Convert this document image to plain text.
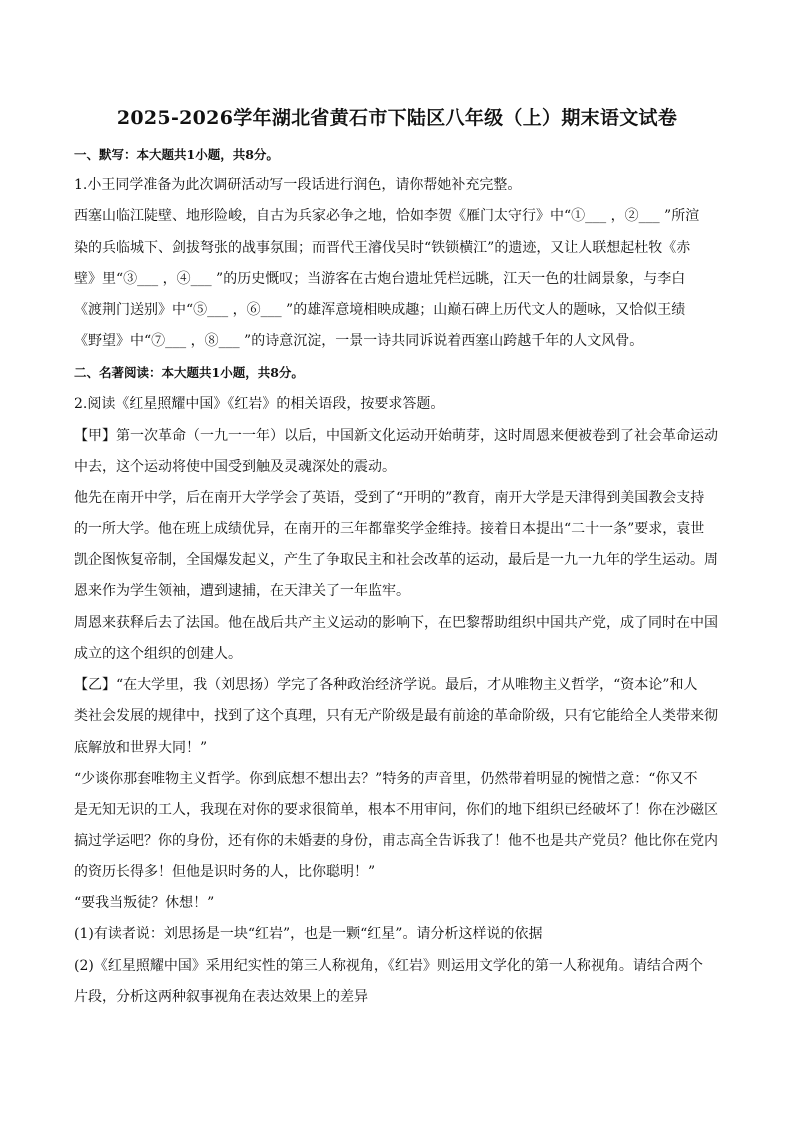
2025-2026学年湖北省黄石市下陆区八年级（上）期末语文试卷
一、默写：本大题共1小题，共8分。
1.小王同学准备为此次调研活动写一段话进行润色，请你帮她补充完整。
西塞山临江陡壁、地形险峻，自古为兵家必争之地，恰如李贺《雁门太守行》中“①___ ，②___ ”所渲
染的兵临城下、剑拔弩张的战事氛围；而晋代王濬伐吴时“铁锁横江”的遗迹，又让人联想起杜牧《赤
壁》里“③___ ，④___ ”的历史慨叹；当游客在古炮台遗址凭栏远眺，江天一色的壮阔景象，与李白
《渡荆门送别》中“⑤___ ，⑥___ ”的雄浑意境相映成趣；山巅石碑上历代文人的题咏，又恰似王绩
《野望》中“⑦___ ，⑧___ ”的诗意沉淀，一景一诗共同诉说着西塞山跨越千年的人文风骨。
二、名著阅读：本大题共1小题，共8分。
2.阅读《红星照耀中国》《红岩》的相关语段，按要求答题。
【甲】第一次革命（一九一一年）以后，中国新文化运动开始萌芽，这时周恩来便被卷到了社会革命运动
中去，这个运动将使中国受到触及灵魂深处的震动。
他先在南开中学，后在南开大学学会了英语，受到了“开明的”教育，南开大学是天津得到美国教会支持
的一所大学。他在班上成绩优异，在南开的三年都靠奖学金维持。接着日本提出“二十一条”要求，袁世
凯企图恢复帝制，全国爆发起义，产生了争取民主和社会改革的运动，最后是一九一九年的学生运动。周
恩来作为学生领袖，遭到逮捕，在天津关了一年监牢。
周恩来获释后去了法国。他在战后共产主义运动的影响下，在巴黎帮助组织中国共产党，成了同时在中国
成立的这个组织的创建人。
【乙】“在大学里，我（刘思扬）学完了各种政治经济学说。最后，才从唯物主义哲学，“资本论”和人
类社会发展的规律中，找到了这个真理，只有无产阶级是最有前途的革命阶级，只有它能给全人类带来彻
底解放和世界大同！”
“少谈你那套唯物主义哲学。你到底想不想出去？”特务的声音里，仍然带着明显的惋惜之意：“你又不
是无知无识的工人，我现在对你的要求很简单，根本不用审问，你们的地下组织已经破坏了！你在沙磁区
搞过学运吧？你的身份，还有你的未婚妻的身份，甫志高全告诉我了！他不也是共产党员？他比你在党内
的资历长得多！但他是识时务的人，比你聪明！”
“要我当叛徒？休想！”
(1)有读者说：刘思扬是一块“红岩”，也是一颗“红星”。请分析这样说的依据
(2)《红星照耀中国》采用纪实性的第三人称视角，《红岩》则运用文学化的第一人称视角。请结合两个
片段，分析这两种叙事视角在表达效果上的差异
